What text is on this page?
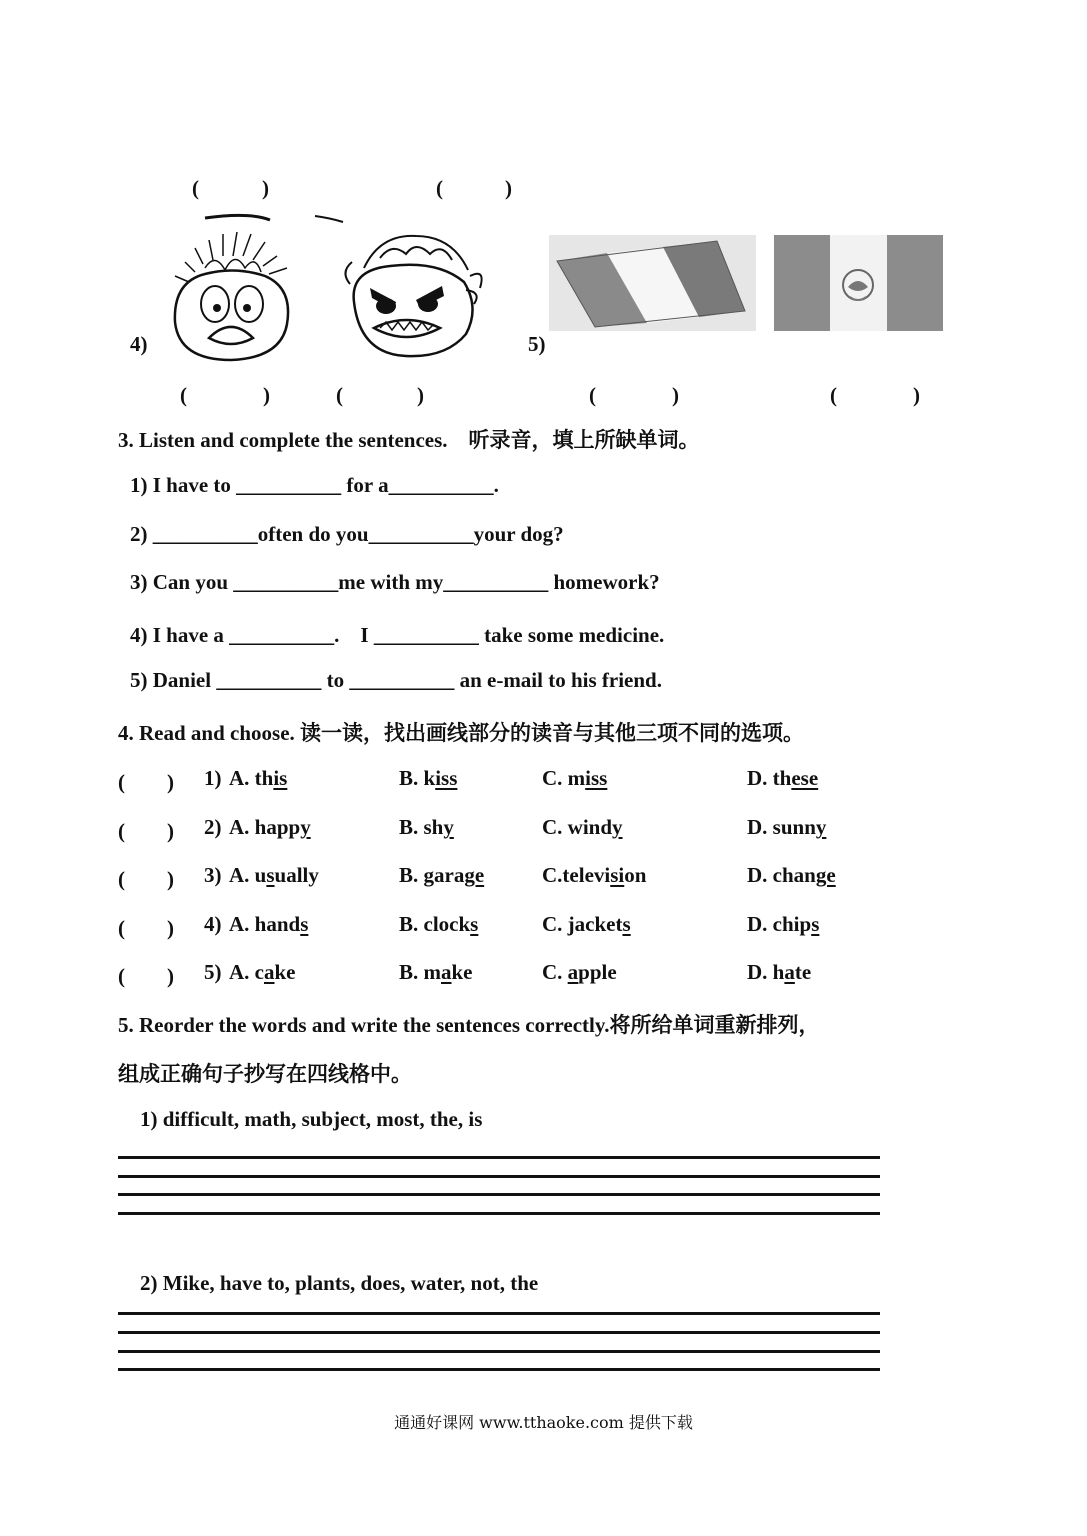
(	)	(	)
4)	5)
(	)	(	)	(	)	(	)
3. Listen and complete the sentences.　听录音，填上所缺单词。
1) I have to __________ for a__________.
2) __________often do you__________your dog?
3) Can you __________me with my__________ homework?
4) I have a __________.　I __________ take some medicine.
5) Daniel __________ to __________ an e-mail to his friend.
4. Read and choose. 读一读，找出画线部分的读音与其他三项不同的选项。
(　　) 1) A. this	B. kiss	C. miss	D. these
(　　) 2) A. happy	B. shy	C. windy	D. sunny
(　　) 3) A. usually	B. garage	C.television	D. change
(　　) 4) A. hands	B. clocks	C. jackets	D. chips
(　　) 5) A. cake	B. make	C. apple	D. hate
5. Reorder the words and write the sentences correctly.将所给单词重新排列，
组成正确句子抄写在四线格中。
1) difficult, math, subject, most, the, is
2) Mike, have to, plants, does, water, not, the
通通好课网 www.tthaoke.com 提供下载
